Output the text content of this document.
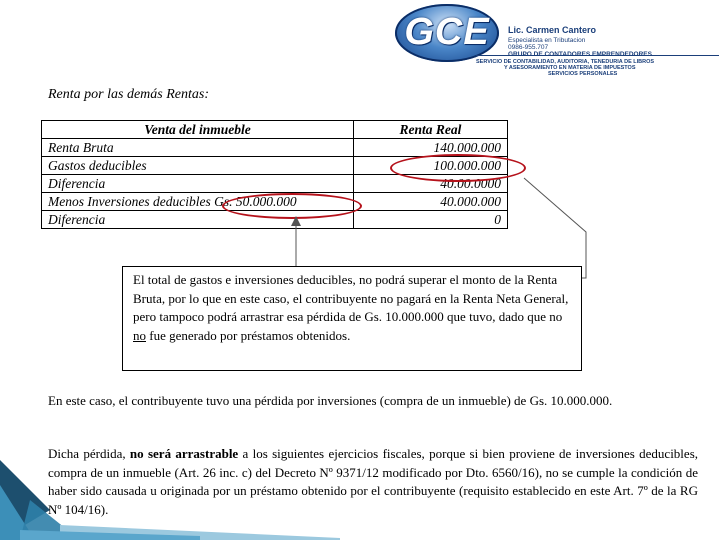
GCE	Lic. Carmen Cantero
Especialista en Tributacion
0986-955.707
SERVICIO DE CONTABILIDAD, AUDITORIA, TENEDURIA DE LIBROS
Y ASESORAMIENTO EN MATERIA DE IMPUESTOS
SERVICIOS PERSONALES
Renta por las demás Rentas:
Venta del inmueble	Renta Real
Renta Bruta	140.000.000
Gastos deducibles	100.000.000
Diferencia	40.00.0000
Menos Inversiones deducibles Gs. 50.000.000	40.000.000
Diferencia	0
El total de gastos e inversiones deducibles, no podrá superar el monto de la Renta Bruta, por lo que en este caso, el contribuyente no pagará en la Renta Neta General, pero tampoco podrá arrastrar esa pérdida de Gs. 10.000.000 que tuvo, dado que no no fue generado por préstamos obtenidos.
En este caso, el contribuyente tuvo una pérdida por inversiones (compra de un inmueble) de Gs. 10.000.000.
Dicha pérdida, no será arrastrable a los siguientes ejercicios fiscales, porque si bien proviene de inversiones deducibles, compra de un inmueble (Art. 26 inc. c) del Decreto Nº 9371/12 modificado por Dto. 6560/16), no se cumple la condición de haber sido causada u originada por un préstamo obtenido por el contribuyente (requisito establecido en este Art. 7º de la RG Nº 104/16).
